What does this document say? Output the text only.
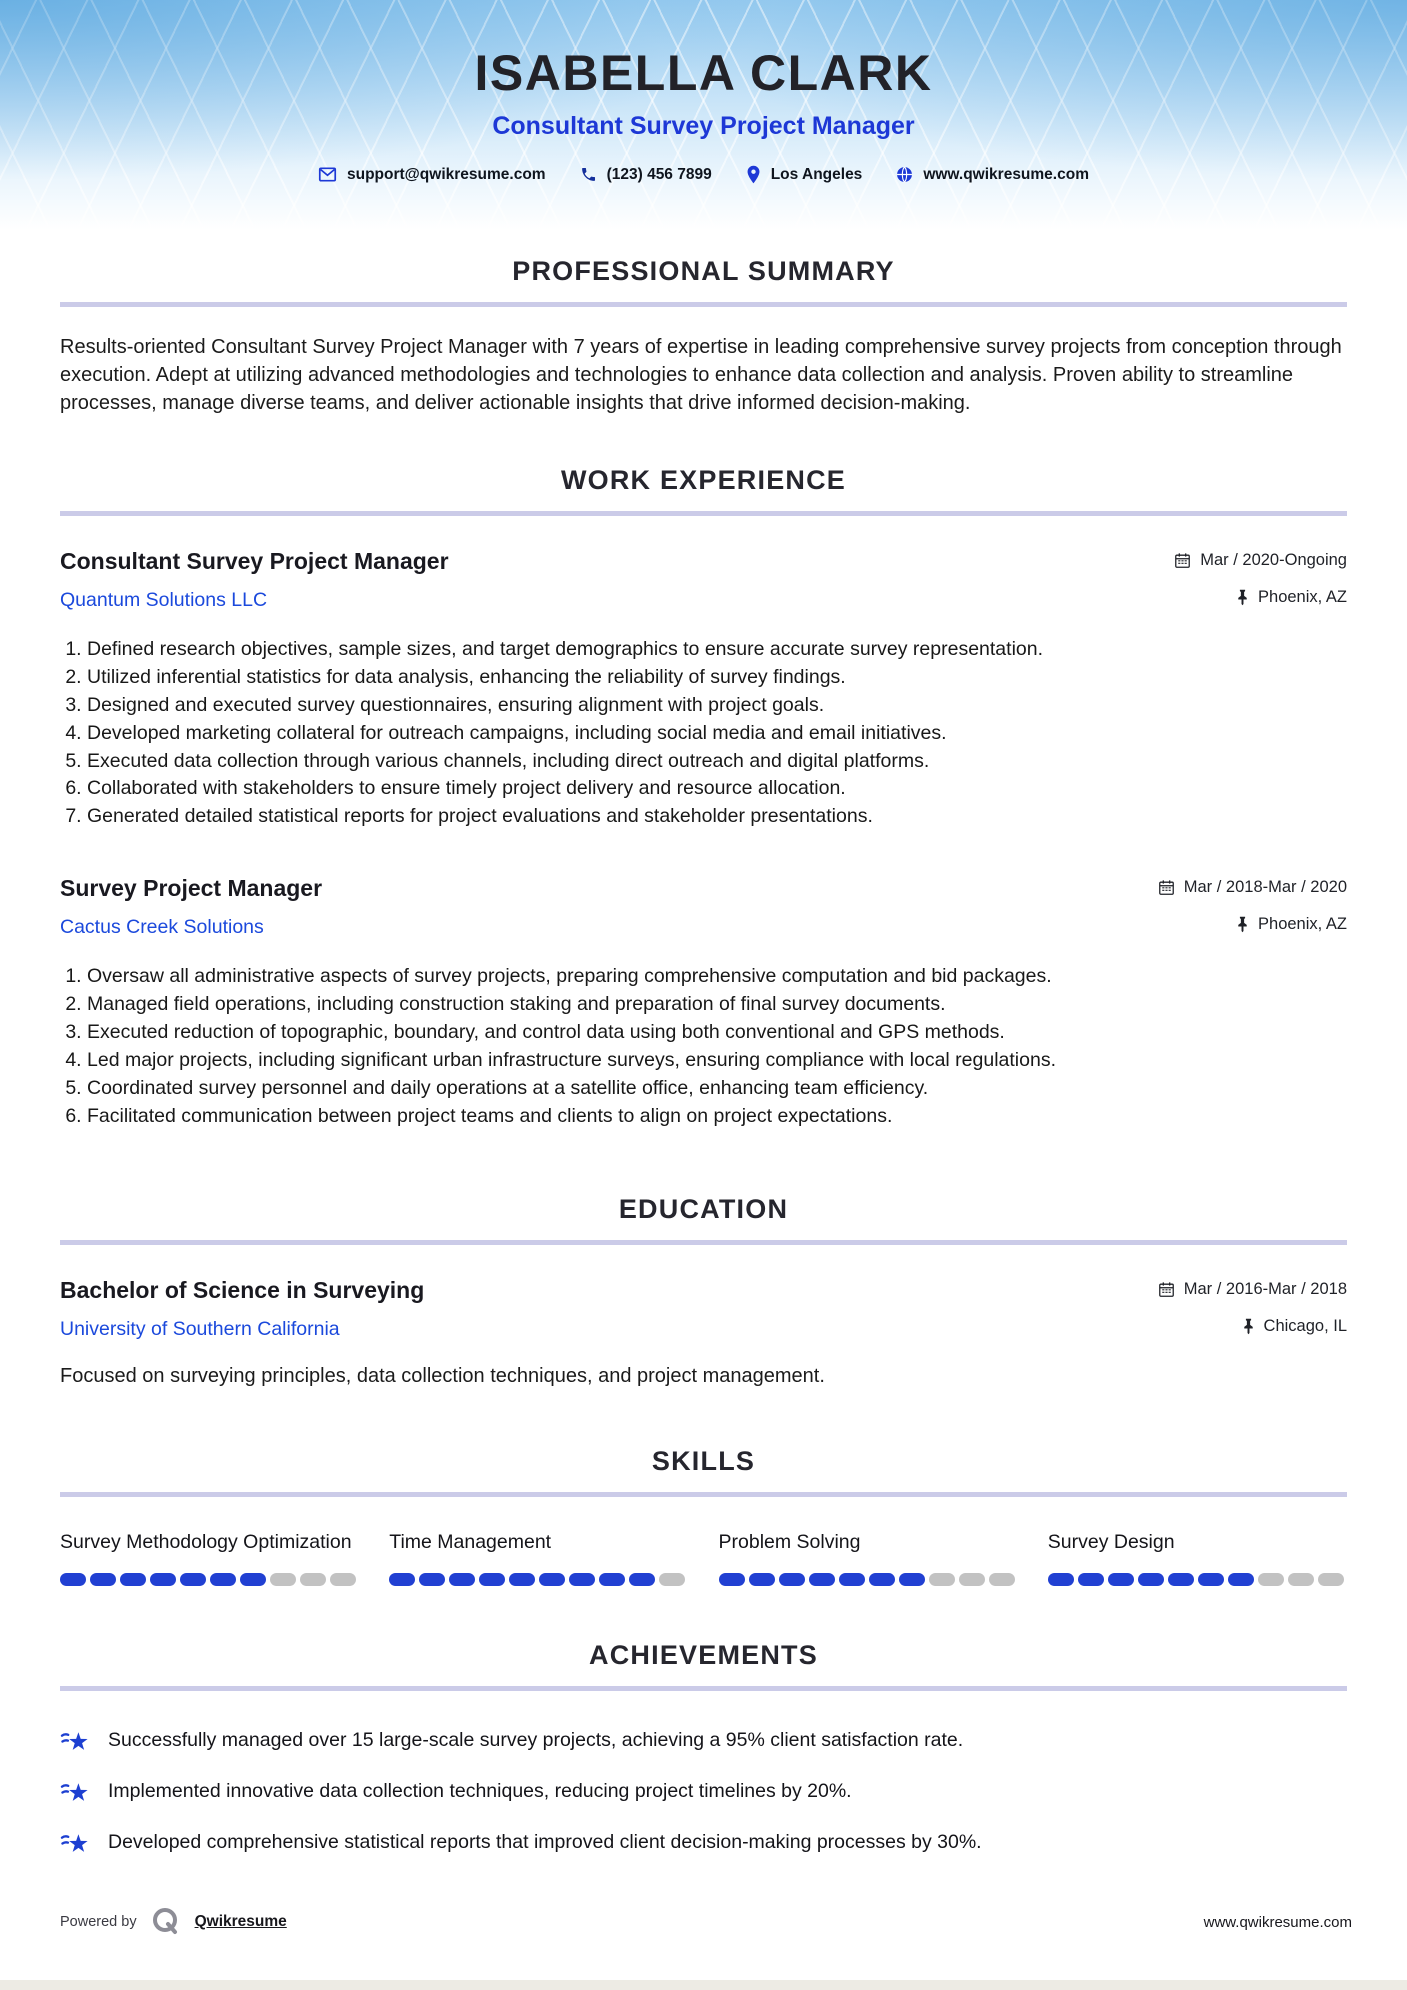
ISABELLA CLARK
Consultant Survey Project Manager
support@qwikresume.com	(123) 456 7899	Los Angeles	www.qwikresume.com
PROFESSIONAL SUMMARY

Results-oriented Consultant Survey Project Manager with 7 years of expertise in leading comprehensive survey projects from conception through execution. Adept at utilizing advanced methodologies and technologies to enhance data collection and analysis. Proven ability to streamline processes, manage diverse teams, and deliver actionable insights that drive informed decision-making.

WORK EXPERIENCE
Consultant Survey Project Manager	Mar / 2020-Ongoing
Quantum Solutions LLC	Phoenix, AZ
1. Defined research objectives, sample sizes, and target demographics to ensure accurate survey representation.
2. Utilized inferential statistics for data analysis, enhancing the reliability of survey findings.
3. Designed and executed survey questionnaires, ensuring alignment with project goals.
4. Developed marketing collateral for outreach campaigns, including social media and email initiatives.
5. Executed data collection through various channels, including direct outreach and digital platforms.
6. Collaborated with stakeholders to ensure timely project delivery and resource allocation.
7. Generated detailed statistical reports for project evaluations and stakeholder presentations.
Survey Project Manager	Mar / 2018-Mar / 2020
Cactus Creek Solutions	Phoenix, AZ
1. Oversaw all administrative aspects of survey projects, preparing comprehensive computation and bid packages.
2. Managed field operations, including construction staking and preparation of final survey documents.
3. Executed reduction of topographic, boundary, and control data using both conventional and GPS methods.
4. Led major projects, including significant urban infrastructure surveys, ensuring compliance with local regulations.
5. Coordinated survey personnel and daily operations at a satellite office, enhancing team efficiency.
6. Facilitated communication between project teams and clients to align on project expectations.
EDUCATION
Bachelor of Science in Surveying	Mar / 2016-Mar / 2018
University of Southern California	Chicago, IL

Focused on surveying principles, data collection techniques, and project management.

SKILLS
Survey Methodology Optimization	Time Management	Problem Solving	Survey Design
ACHIEVEMENTS
Successfully managed over 15 large-scale survey projects, achieving a 95% client satisfaction rate.
Implemented innovative data collection techniques, reducing project timelines by 20%.
Developed comprehensive statistical reports that improved client decision-making processes by 30%.
Powered by	Qwikresume	www.qwikresume.com
